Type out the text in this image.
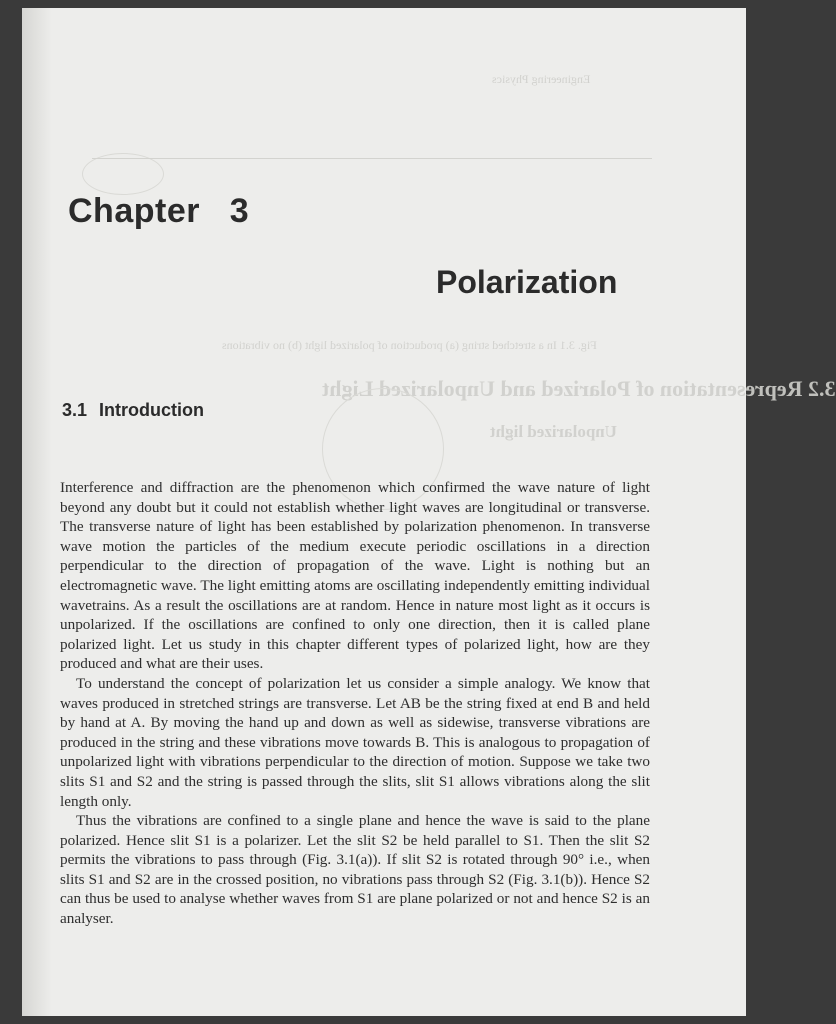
Engineering Physics
3.2 Representation of Polarized and Unpolarized Light
Unpolarized light
Fig. 3.1 In a stretched string (a) production of polarized light (b) no vibrations
Chapter   3
Polarization
3.1 Introduction

Interference and diffraction are the phenomenon which confirmed the wave nature of light beyond any doubt but it could not establish whether light waves are longitudinal or transverse. The transverse nature of light has been established by polarization phenomenon. In transverse wave motion the particles of the medium execute periodic oscillations in a direction perpendicular to the direction of propagation of the wave. Light is nothing but an electromagnetic wave. The light emitting atoms are oscillating independently emitting individual wavetrains. As a result the oscillations are at random. Hence in nature most light as it occurs is unpolarized. If the oscillations are confined to only one direction, then it is called plane polarized light. Let us study in this chapter different types of polarized light, how are they produced and what are their uses.

To understand the concept of polarization let us consider a simple analogy. We know that waves produced in stretched strings are transverse. Let AB be the string fixed at end B and held by hand at A. By moving the hand up and down as well as sidewise, transverse vibrations are produced in the string and these vibrations move towards B. This is analogous to propagation of unpolarized light with vibrations perpendicular to the direction of motion. Suppose we take two slits S1 and S2 and the string is passed through the slits, slit S1 allows vibrations along the slit length only.

Thus the vibrations are confined to a single plane and hence the wave is said to the plane polarized. Hence slit S1 is a polarizer. Let the slit S2 be held parallel to S1. Then the slit S2 permits the vibrations to pass through (Fig. 3.1(a)). If slit S2 is rotated through 90° i.e., when slits S1 and S2 are in the crossed position, no vibrations pass through S2 (Fig. 3.1(b)). Hence S2 can thus be used to analyse whether waves from S1 are plane polarized or not and hence S2 is an analyser.
